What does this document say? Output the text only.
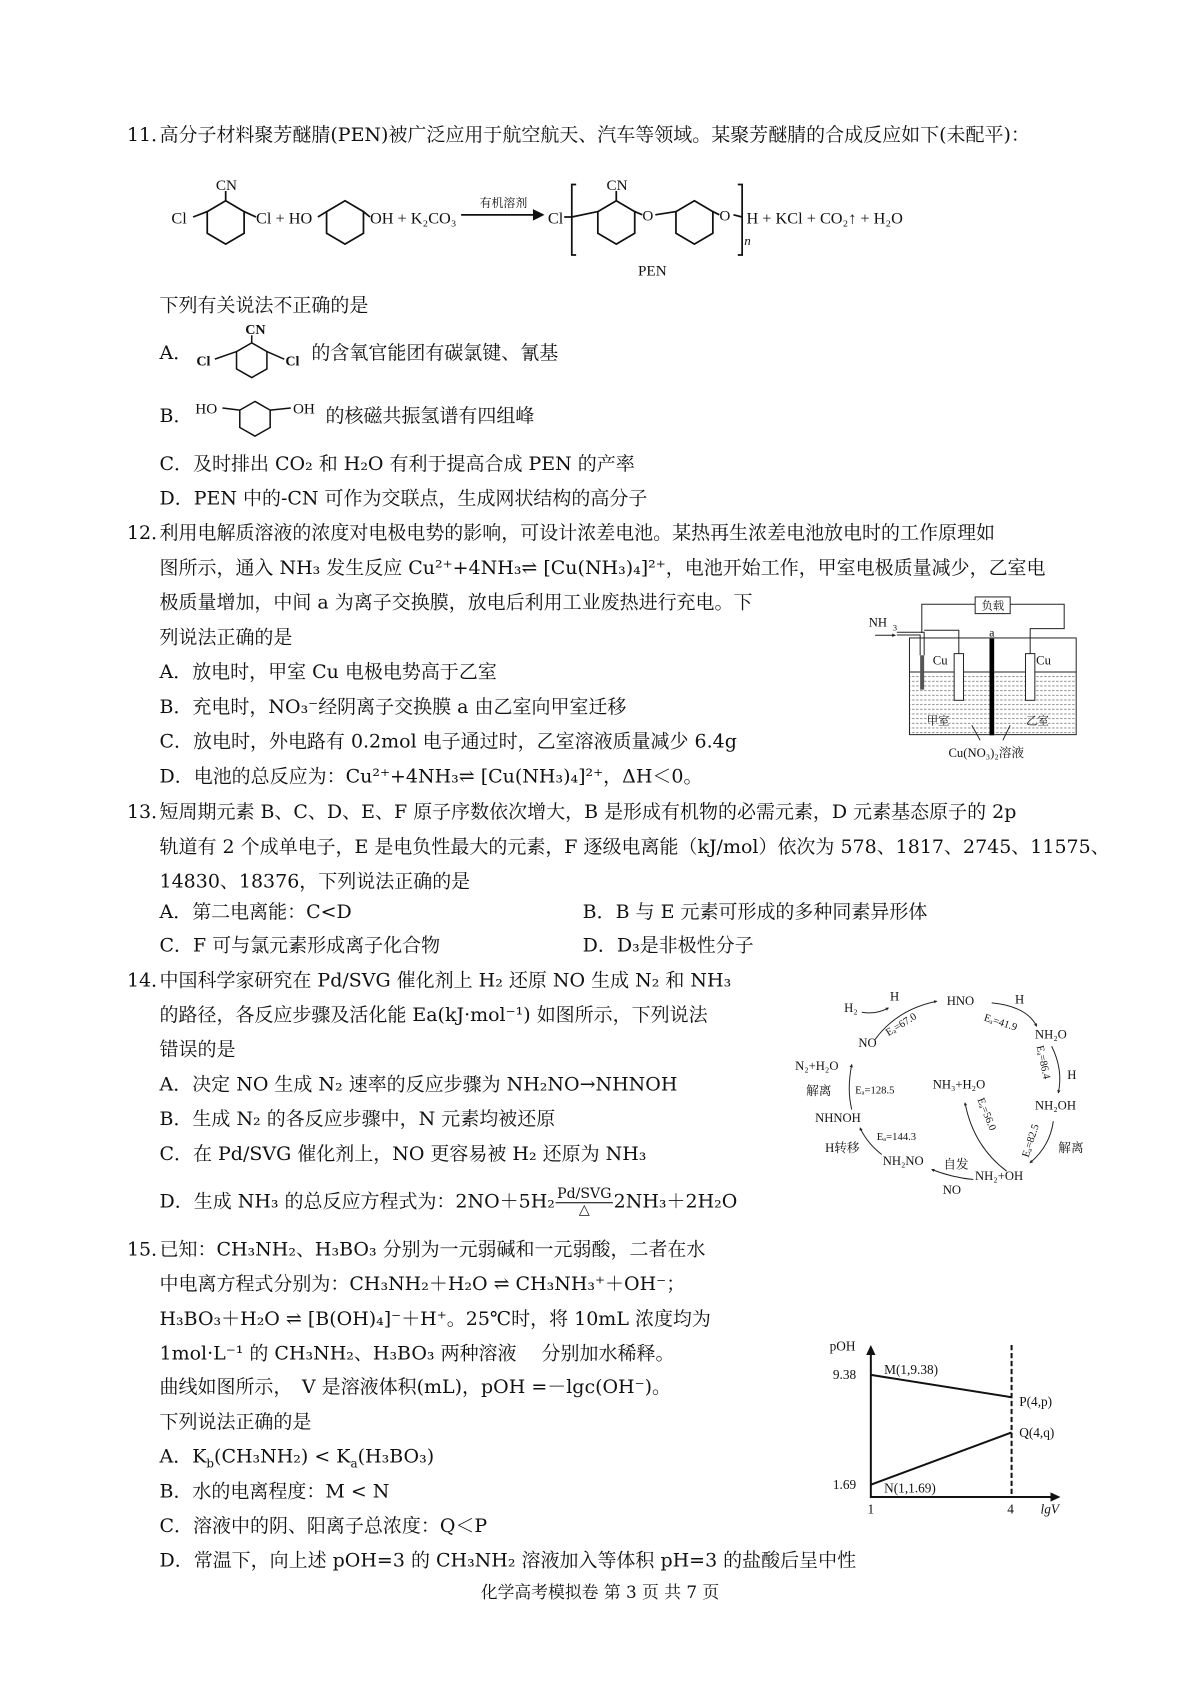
11．
高分子材料聚芳醚腈(PEN)被广泛应用于航空航天、汽车等领域。某聚芳醚腈的合成反应如下(未配平)：
Cl
CN
Cl + HO	OH + K₂CO₃
有机溶剂
Cl
CN
O	O
n
H + KCl + CO₂↑ + H₂O
PEN
Cl
CN
Cl
HO	OH
下列有关说法不正确的是
A．	的含氧官能团有碳氯键、氰基
B．	的核磁共振氢谱有四组峰
C．及时排出 CO₂ 和 H₂O 有利于提高合成 PEN 的产率
D．PEN 中的-CN 可作为交联点，生成网状结构的高分子
12．
利用电解质溶液的浓度对电极电势的影响，可设计浓差电池。某热再生浓差电池放电时的工作原理如
图所示，通入 NH₃ 发生反应 Cu²⁺+4NH₃⇌ [Cu(NH₃)₄]²⁺，电池开始工作，甲室电极质量减少，乙室电
极质量增加，中间 a 为离子交换膜，放电后利用工业废热进行充电。下
列说法正确的是
A．放电时，甲室 Cu 电极电势高于乙室
B．充电时，NO₃⁻经阴离子交换膜 a 由乙室向甲室迁移
C．放电时，外电路有 0.2mol 电子通过时，乙室溶液质量减少 6.4g
D．电池的总反应为：Cu²⁺+4NH₃⇌ [Cu(NH₃)₄]²⁺，ΔH＜0。
负载
NH 3	a
Cu Cu
甲室 乙室
Cu(NO₃)₂溶液
13．
短周期元素 B、C、D、E、F 原子序数依次增大，B 是形成有机物的必需元素，D 元素基态原子的 2p
轨道有 2 个成单电子，E 是电负性最大的元素，F 逐级电离能（kJ/mol）依次为 578、1817、2745、11575、
14830、18376，下列说法正确的是
A．第二电离能：C<D	B．B 与 E 元素可形成的多种同素异形体
C．F 可与氯元素形成离子化合物	D．D₃是非极性分子
14．
中国科学家研究在 Pd/SVG 催化剂上 H₂ 还原 NO 生成 N₂ 和 NH₃
的路径，各反应步骤及活化能 Ea(kJ·mol⁻¹) 如图所示，下列说法
错误的是
A．决定 NO 生成 N₂ 速率的反应步骤为 NH₂NO→NHNOH
B．生成 N₂ 的各反应步骤中，N 元素均被还原
C．在 Pd/SVG 催化剂上，NO 更容易被 H₂ 还原为 NH₃
D．生成 NH₃ 的总反应方程式为：$2NO+5H_2 \frac{\text{Pd/SVG}}{\triangle} 2NH_3+2H_2O$
H₂
H HNO H
NO
NH₂O
H
NH₂OH
解离
NH₂+OH
自发
NO
NH₂NO
H转移
NHNOH
解离
N₂+H₂O
NH₃+H₂O
Eₐ=67.0 Eₐ=41.9
Eₐ=86.4
Eₐ=82.5
Eₐ=144.3
Eₐ=128.5
Eₐ=56.0
15．
已知：CH₃NH₂、H₃BO₃ 分别为一元弱碱和一元弱酸，二者在水
中电离方程式分别为：CH₃NH₂＋H₂O ⇌ CH₃NH₃⁺＋OH⁻；
H₃BO₃＋H₂O ⇌ [B(OH)₄]⁻＋H⁺。25℃时，将 10mL 浓度均为
1mol·L⁻¹ 的 CH₃NH₂、H₃BO₃ 两种溶液　 分别加水稀释。
曲线如图所示，　V 是溶液体积(mL)，pOH =－lgc(OH⁻)。
下列说法正确的是
A．$K_b(CH_3NH_2) < K_a(H_3BO_3)$
B．水的电离程度：M < N
C．溶液中的阴、阳离子总浓度：Q＜P
D．常温下，向上述 pOH=3 的 CH₃NH₂ 溶液加入等体积 pH=3 的盐酸后呈中性
pOH
9.38
1.69
M(1,9.38)
P(4,p)
Q(4,q)
N(1,1.69)
1	4 lgV
化学高考模拟卷 第 3 页 共 7 页
